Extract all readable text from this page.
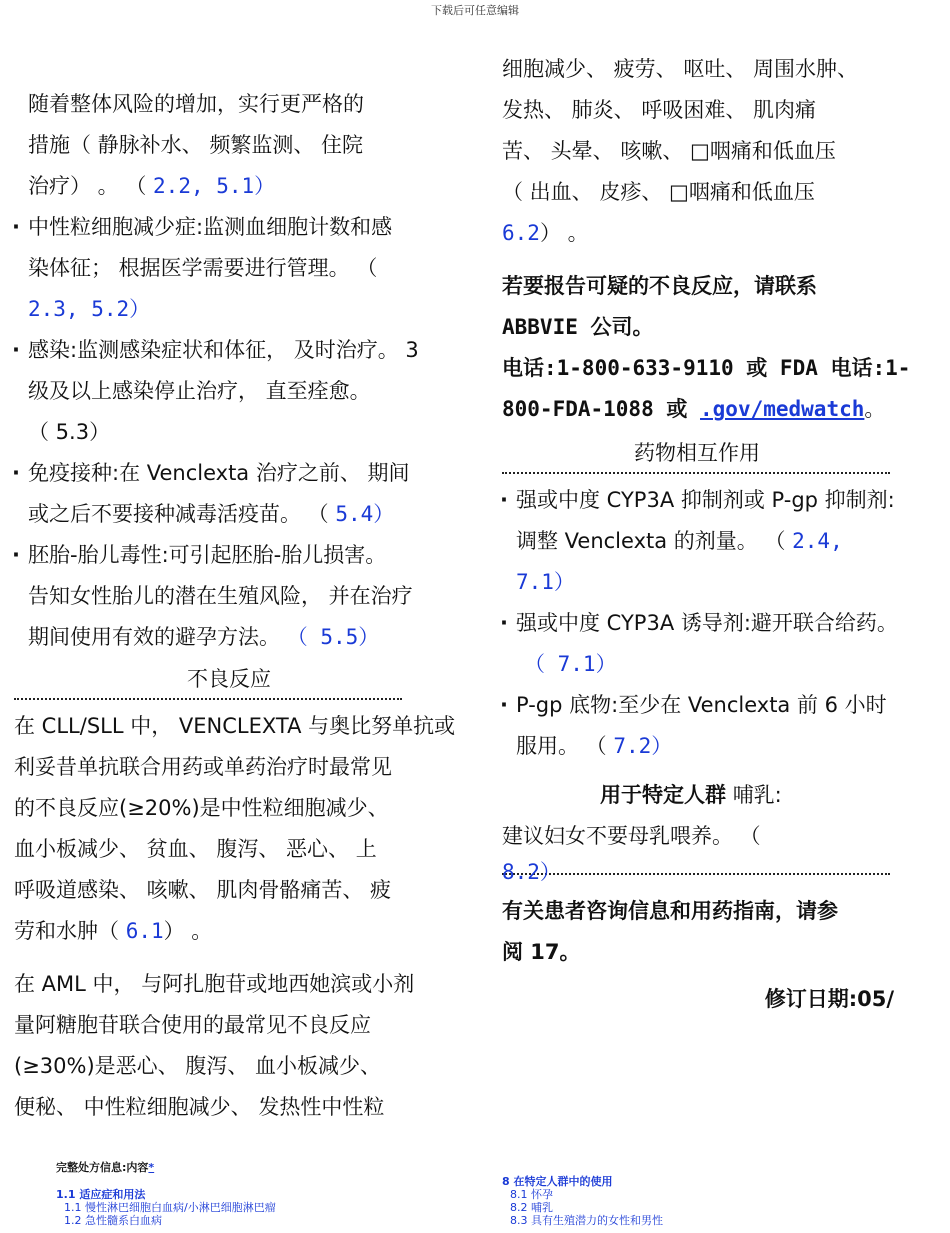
下载后可任意编辑
随着整体风险的增加，实行更严格的
措施（ 静脉补水、 频繁监测、 住院
治疗） 。 （ 2.2, 5.1）
· 中性粒细胞减少症:监测血细胞计数和感
染体征； 根据医学需要进行管理。 （
2.3, 5.2）
· 感染:监测感染症状和体征， 及时治疗。 3
级及以上感染停止治疗， 直至痊愈。
（ 5.3）
· 免疫接种:在 Venclexta 治疗之前、 期间
或之后不要接种减毒活疫苗。 （ 5.4）
· 胚胎-胎儿毒性:可引起胚胎-胎儿损害。
告知女性胎儿的潜在生殖风险， 并在治疗
期间使用有效的避孕方法。 （ 5.5）
不良反应
在 CLL/SLL 中， VENCLEXTA 与奥比努单抗或
利妥昔单抗联合用药或单药治疗时最常见
的不良反应(≥20%)是中性粒细胞减少、
血小板减少、 贫血、 腹泻、 恶心、 上
呼吸道感染、 咳嗽、 肌肉骨骼痛苦、 疲
劳和水肿（ 6.1） 。
在 AML 中， 与阿扎胞苷或地西她滨或小剂
量阿糖胞苷联合使用的最常见不良反应
(≥30%)是恶心、 腹泻、 血小板减少、
便秘、 中性粒细胞减少、 发热性中性粒
细胞减少、 疲劳、 呕吐、 周围水肿、
发热、 肺炎、 呼吸困难、 肌肉痛
苦、 头晕、 咳嗽、 □咽痛和低血压
（ 出血、 皮疹、 □咽痛和低血压
6.2） 。
若要报告可疑的不良反应，请联系
ABBVIE 公司。
电话:1-800-633-9110 或 FDA 电话:1-
800-FDA-1088 或 .gov/medwatch。
药物相互作用
· 强或中度 CYP3A 抑制剂或 P-gp 抑制剂:
调整 Venclexta 的剂量。 （ 2.4,
7.1）
· 强或中度 CYP3A 诱导剂:避开联合给药。
（ 7.1）
· P-gp 底物:至少在 Venclexta 前 6 小时
服用。 （ 7.2）
用于特定人群 哺乳:
建议妇女不要母乳喂养。 （
8.2）
有关患者咨询信息和用药指南，请参
阅 17。
修订日期:05/
完整处方信息:内容*
1.1 适应症和用法
1.1 慢性淋巴细胞白血病/小淋巴细胞淋巴瘤
1.2 急性髓系白血病
8 在特定人群中的使用
8.1 怀孕
8.2 哺乳
8.3 具有生殖潜力的女性和男性
